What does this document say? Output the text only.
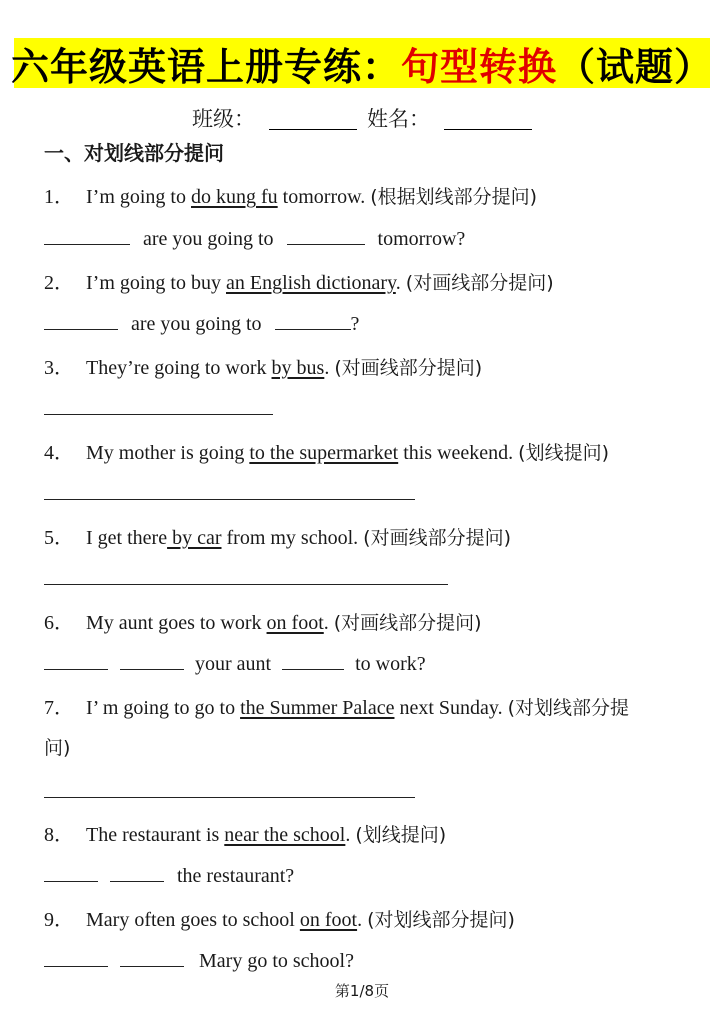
六年级英语上册专练： 句型转换 （试题）
班级：	姓名：
一、对划线部分提问
1． I’m going to do kung fu tomorrow. (根据划线部分提问)
are you going to	tomorrow?
2． I’m going to buy an English dictionary. (对画线部分提问)
are you going to	?
3． They’re going to work by bus. (对画线部分提问)
4． My mother is going to the supermarket this weekend. (划线提问)
5． I get there by car from my school. (对画线部分提问)
6． My aunt goes to work on foot. (对画线部分提问)
your aunt	to work?
7． I’ m going to go to the Summer Palace next Sunday. (对划线部分提
问)
8． The restaurant is near the school. (划线提问)
the restaurant?
9． Mary often goes to school on foot. (对划线部分提问)
Mary go to school?
第1/8页
